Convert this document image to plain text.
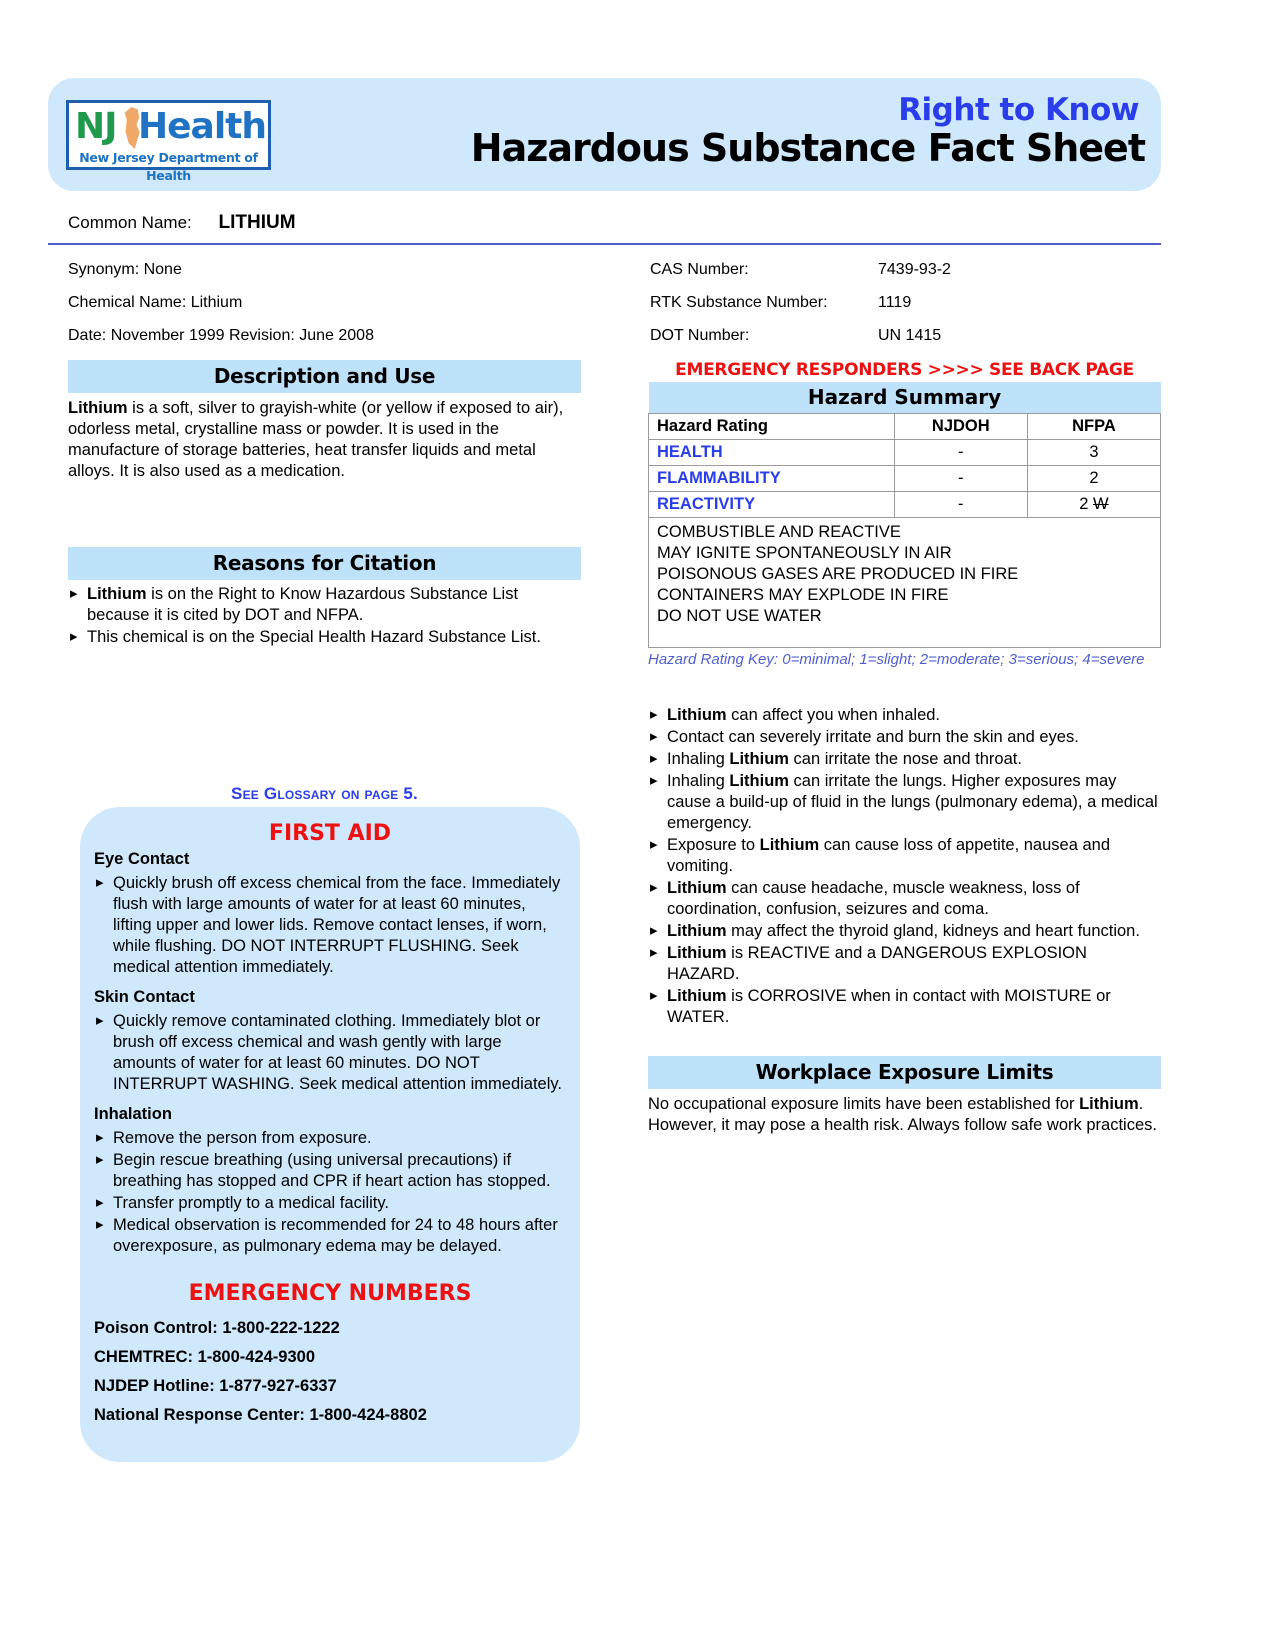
NJ Health
New Jersey Department of Health
Right to Know
Hazardous Substance Fact Sheet
Common Name: LITHIUM
Synonym: None
Chemical Name: Lithium
Date: November 1999 Revision: June 2008
CAS Number:	7439-93-2
RTK Substance Number:	1119
DOT Number:	UN 1415
Description and Use
Lithium is a soft, silver to grayish-white (or yellow if exposed to air), odorless metal, crystalline mass or powder. It is used in the manufacture of storage batteries, heat transfer liquids and metal alloys. It is also used as a medication.
Reasons for Citation
▸ Lithium is on the Right to Know Hazardous Substance List because it is cited by DOT and NFPA.
▸ This chemical is on the Special Health Hazard Substance List.
See Glossary on page 5.
FIRST AID
Eye Contact
▸ Quickly brush off excess chemical from the face. Immediately flush with large amounts of water for at least 60 minutes, lifting upper and lower lids. Remove contact lenses, if worn, while flushing. DO NOT INTERRUPT FLUSHING. Seek medical attention immediately.
Skin Contact
▸ Quickly remove contaminated clothing. Immediately blot or brush off excess chemical and wash gently with large amounts of water for at least 60 minutes. DO NOT INTERRUPT WASHING. Seek medical attention immediately.
Inhalation
▸ Remove the person from exposure.
▸ Begin rescue breathing (using universal precautions) if breathing has stopped and CPR if heart action has stopped.
▸ Transfer promptly to a medical facility.
▸ Medical observation is recommended for 24 to 48 hours after overexposure, as pulmonary edema may be delayed.
EMERGENCY NUMBERS
Poison Control: 1-800-222-1222
CHEMTREC: 1-800-424-9300
NJDEP Hotline: 1-877-927-6337
National Response Center: 1-800-424-8802
EMERGENCY RESPONDERS >>>> SEE BACK PAGE
Hazard Summary		
Hazard Rating	NJDOH	NFPA
HEALTH	-	3
FLAMMABILITY	-	2
REACTIVITY	-	2 W

COMBUSTIBLE AND REACTIVE
MAY IGNITE SPONTANEOUSLY IN AIR
POISONOUS GASES ARE PRODUCED IN FIRE
CONTAINERS MAY EXPLODE IN FIRE
DO NOT USE WATER		
Hazard Rating Key: 0=minimal; 1=slight; 2=moderate; 3=serious; 4=severe
▸ Lithium can affect you when inhaled.
▸ Contact can severely irritate and burn the skin and eyes.
▸ Inhaling Lithium can irritate the nose and throat.
▸ Inhaling Lithium can irritate the lungs. Higher exposures may cause a build-up of fluid in the lungs (pulmonary edema), a medical emergency.
▸ Exposure to Lithium can cause loss of appetite, nausea and vomiting.
▸ Lithium can cause headache, muscle weakness, loss of coordination, confusion, seizures and coma.
▸ Lithium may affect the thyroid gland, kidneys and heart function.
▸ Lithium is REACTIVE and a DANGEROUS EXPLOSION HAZARD.
▸ Lithium is CORROSIVE when in contact with MOISTURE or WATER.
Workplace Exposure Limits
No occupational exposure limits have been established for Lithium. However, it may pose a health risk. Always follow safe work practices.
